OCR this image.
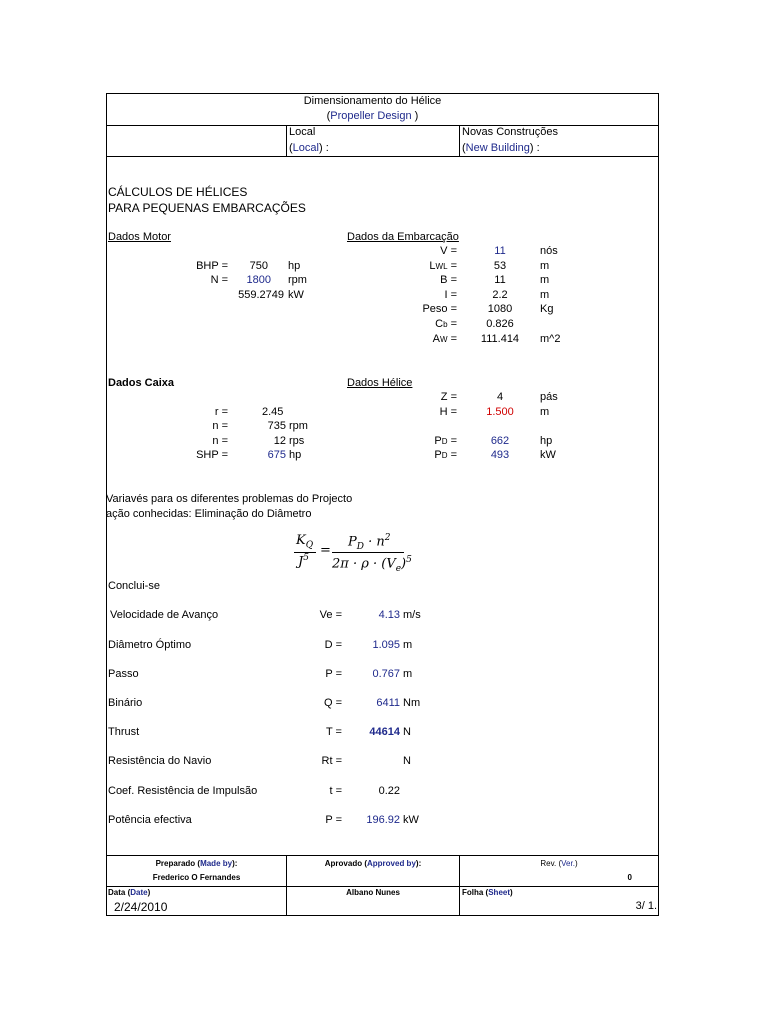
Dimensionamento do Hélice
(Propeller Design )
Local
(Local) :
Novas Construções
(New Building) :
CÁLCULOS DE HÉLICES
PARA PEQUENAS EMBARCAÇÕES
Dados Motor
BHP =	750 hp
N =	1800 rpm
559.2749 kW
Dados da Embarcação
V =	11	nós
LWL =	53	m
B =	11	m
I =	2.2	m
Peso =	1080	Kg
Cb =	0.826
AW =	111.414	m^2
Dados Caixa
r =	2.45
n =	735 rpm
n =	12 rps
SHP =	675 hp
Dados Hélice
Z =	4	pás
H =	1.500	m
PD =	662	hp
PD =	493	kW
Variavés para os diferentes problemas do Projecto
ação conhecidas: Eliminação do Diâmetro
$K_Q$
$J^5$ =
$P_D \cdot n^2$
$2\pi \cdot \rho \cdot (V_e)^5$
Conclui-se
Velocidade de Avanço	Ve =	4.13 m/s
Diâmetro Óptimo	D =	1.095 m
Passo	P =	0.767 m
Binário	Q =	6411 Nm
Thrust	T =	44614 N
Resistência do Navio	Rt =	N
Coef. Resistência de Impulsão	t =	0.22
Potência efectiva	P =	196.92 kW
Preparado (Made by):
Frederico O Fernandes
Aprovado (Approved by):
Albano Nunes
Rev. (Ver.)
0
Data (Date)
2/24/2010
Folha (Sheet)
3/ 1.
